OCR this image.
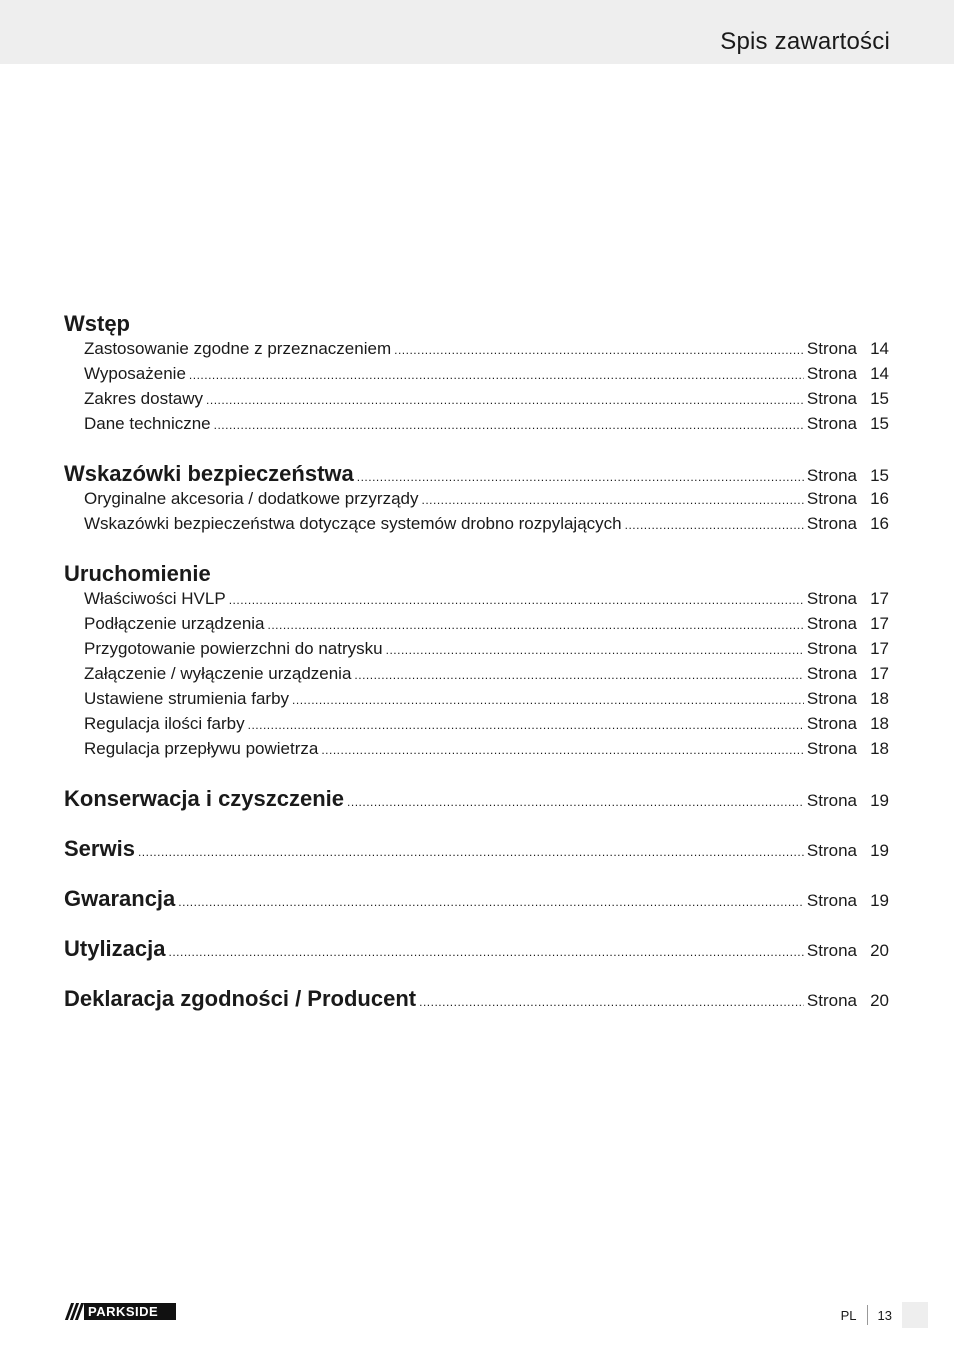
Spis zawartości
Wstęp
Zastosowanie zgodne z przeznaczeniem .....	Strona 14
Wyposażenie .....	Strona 14
Zakres dostawy .....	Strona 15
Dane techniczne .....	Strona 15
Wskazówki bezpieczeństwa .....	Strona 15
Oryginalne akcesoria / dodatkowe przyrządy .....	Strona 16
Wskazówki bezpieczeństwa dotyczące systemów drobno rozpylających .....	Strona 16
Uruchomienie
Właściwości HVLP .....	Strona 17
Podłączenie urządzenia .....	Strona 17
Przygotowanie powierzchni do natrysku .....	Strona 17
Załączenie / wyłączenie urządzenia .....	Strona 17
Ustawiene strumienia farby .....	Strona 18
Regulacja ilości farby .....	Strona 18
Regulacja przepływu powietrza .....	Strona 18
Konserwacja i czyszczenie .....	Strona 19
Serwis .....	Strona 19
Gwarancja .....	Strona 19
Utylizacja .....	Strona 20
Deklaracja zgodności / Producent .....	Strona 20
PARKSIDE	PL	13
